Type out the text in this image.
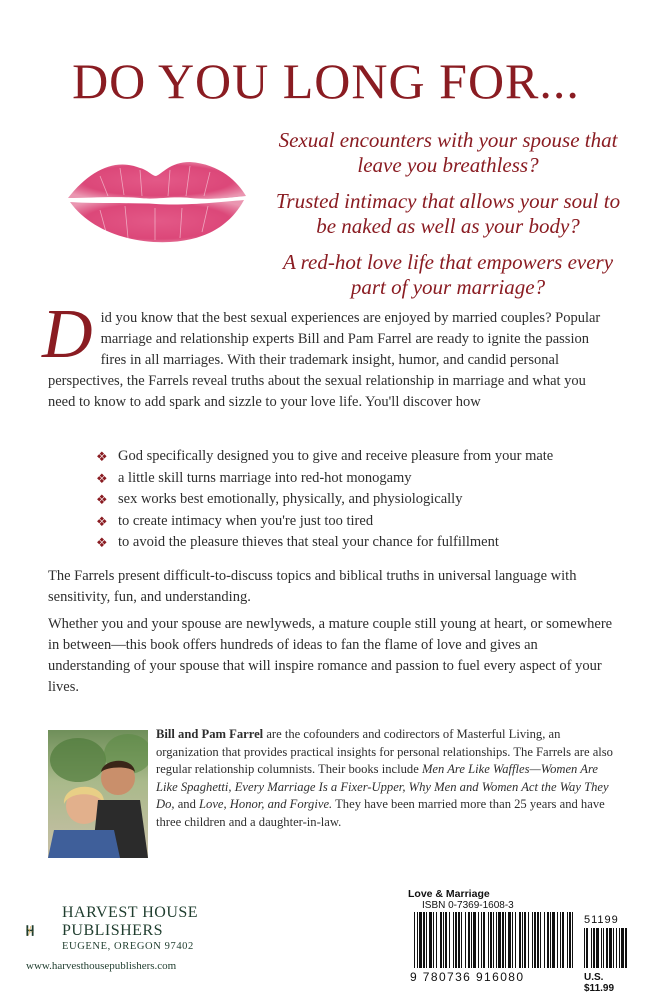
DO YOU LONG FOR...

Sexual encounters with your spouse that leave you breathless?

Trusted intimacy that allows your soul to be naked as well as your body?

A red-hot love life that empowers every part of your marriage?

Did you know that the best sexual experiences are enjoyed by married couples? Popular marriage and relationship experts Bill and Pam Farrel are ready to ignite the passion fires in all marriages. With their trademark insight, humor, and candid personal perspectives, the Farrels reveal truths about the sexual relationship in marriage and what you need to know to add spark and sizzle to your love life. You'll discover how
❖ God specifically designed you to give and receive pleasure from your mate
❖ a little skill turns marriage into red-hot monogamy
❖ sex works best emotionally, physically, and physiologically
❖ to create intimacy when you're just too tired
❖ to avoid the pleasure thieves that steal your chance for fulfillment
The Farrels present difficult-to-discuss topics and biblical truths in universal language with sensitivity, fun, and understanding.
Whether you and your spouse are newlyweds, a mature couple still young at heart, or somewhere in between—this book offers hundreds of ideas to fan the flame of love and gives an understanding of your spouse that will inspire romance and passion to fuel every aspect of your lives.
Bill and Pam Farrel are the cofounders and codirectors of Masterful Living, an organization that provides practical insights for personal relationships. The Farrels are also regular relationship columnists. Their books include Men Are Like Waffles—Women Are Like Spaghetti, Every Marriage Is a Fixer-Upper, Why Men and Women Act the Way They Do, and Love, Honor, and Forgive. They have been married more than 25 years and have three children and a daughter-in-law.
HARVEST HOUSE
PUBLISHERS
EUGENE, OREGON 97402
www.harvesthousepublishers.com
Love & Marriage
ISBN 0-7369-1608-3
51199
9 780736 916080	U.S. $11.99
